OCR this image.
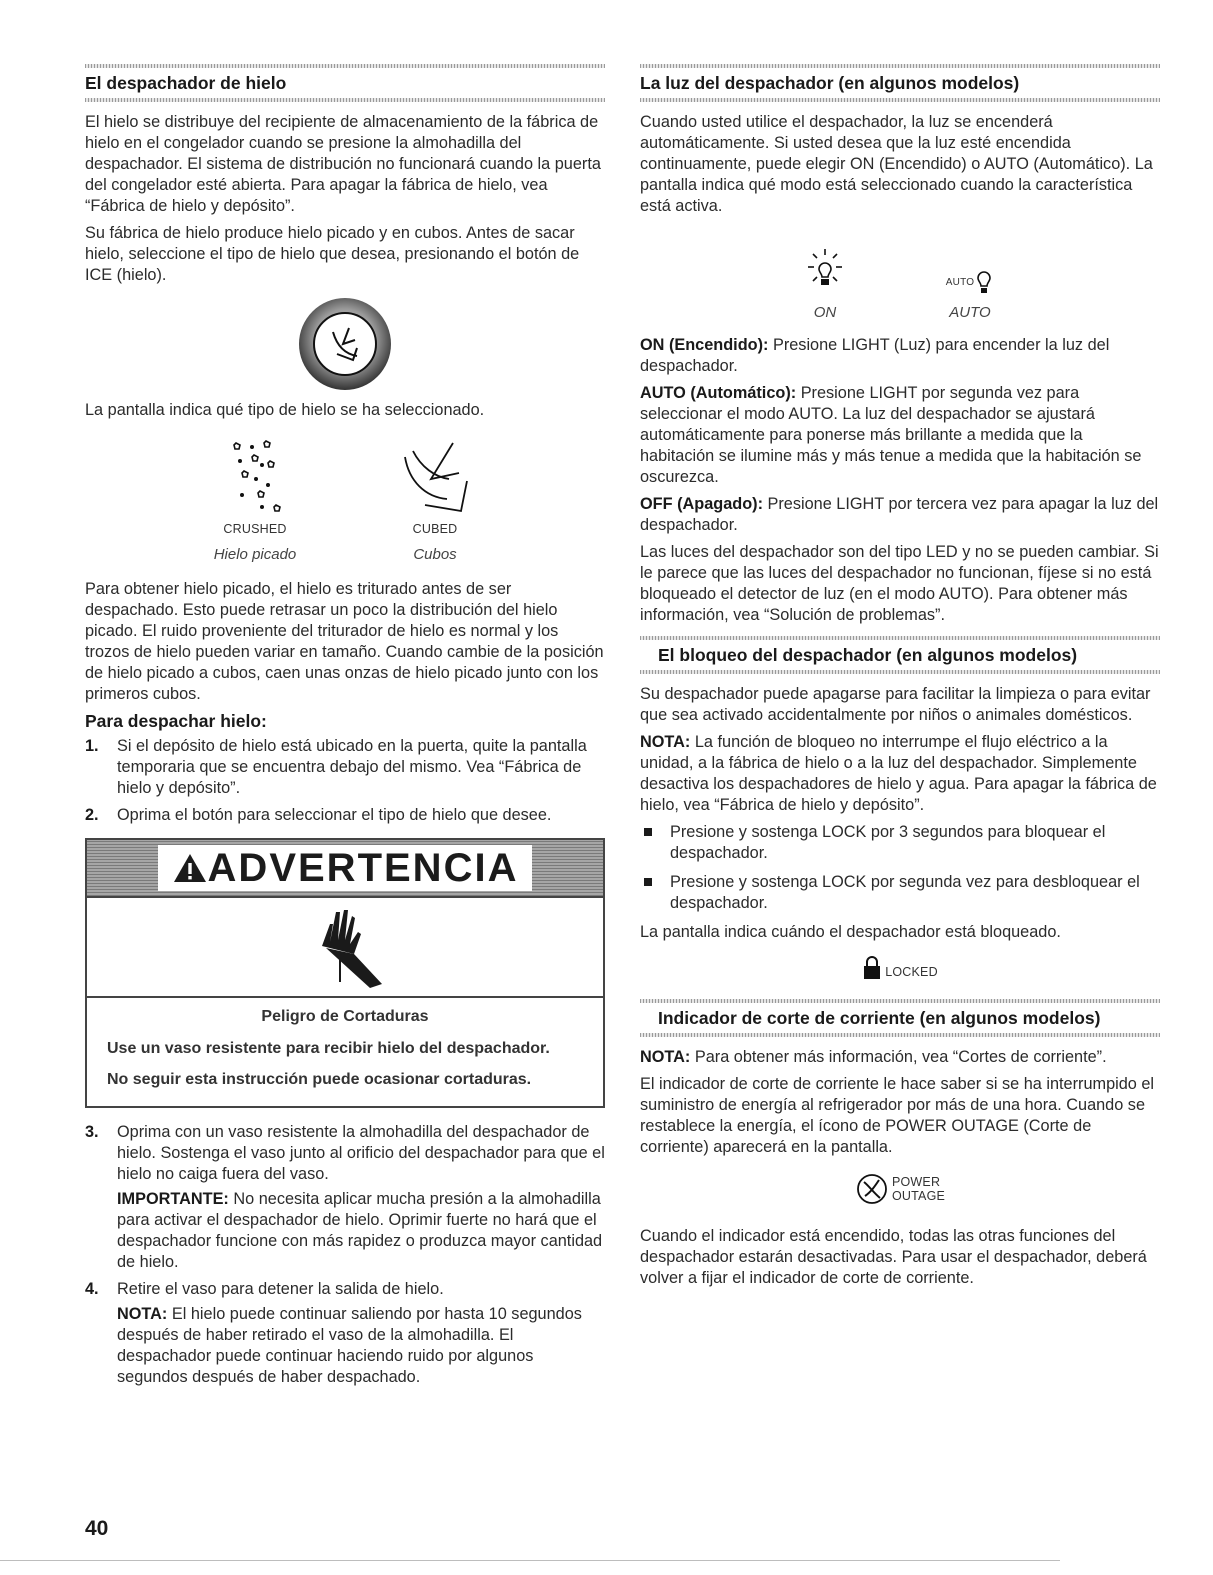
El despachador de hielo

El hielo se distribuye del recipiente de almacenamiento de la fábrica de hielo en el congelador cuando se presione la almohadilla del despachador. El sistema de distribución no funcionará cuando la puerta del congelador esté abierta. Para apagar la fábrica de hielo, vea “Fábrica de hielo y depósito”.

Su fábrica de hielo produce hielo picado y en cubos. Antes de sacar hielo, seleccione el tipo de hielo que desea, presionando el botón de ICE (hielo).

La pantalla indica qué tipo de hielo se ha seleccionado.

CRUSHED	CUBED
Hielo picado	Cubos

Para obtener hielo picado, el hielo es triturado antes de ser despachado. Esto puede retrasar un poco la distribución del hielo picado. El ruido proveniente del triturador de hielo es normal y los trozos de hielo pueden variar en tamaño. Cuando cambie de la posición de hielo picado a cubos, caen unas onzas de hielo picado junto con los primeros cubos.

Para despachar hielo:
1. Si el depósito de hielo está ubicado en la puerta, quite la pantalla temporaria que se encuentra debajo del mismo. Vea “Fábrica de hielo y depósito”.
2. Oprima el botón para seleccionar el tipo de hielo que desee.
ADVERTENCIA
Peligro de Cortaduras
Use un vaso resistente para recibir hielo del despachador.
No seguir esta instrucción puede ocasionar cortaduras.
3. Oprima con un vaso resistente la almohadilla del despachador de hielo. Sostenga el vaso junto al orificio del despachador para que el hielo no caiga fuera del vaso.

IMPORTANTE: No necesita aplicar mucha presión a la almohadilla para activar el despachador de hielo. Oprimir fuerte no hará que el despachador funcione con más rapidez o produzca mayor cantidad de hielo.

4. Retire el vaso para detener la salida de hielo.

NOTA: El hielo puede continuar saliendo por hasta 10 segundos después de haber retirado el vaso de la almohadilla. El despachador puede continuar haciendo ruido por algunos segundos después de haber despachado.

La luz del despachador (en algunos modelos)

Cuando usted utilice el despachador, la luz se encenderá automáticamente. Si usted desea que la luz esté encendida continuamente, puede elegir ON (Encendido) o AUTO (Automático). La pantalla indica qué modo está seleccionado cuando la característica está activa.

AUTO
ON	AUTO

ON (Encendido): Presione LIGHT (Luz) para encender la luz del despachador.

AUTO (Automático): Presione LIGHT por segunda vez para seleccionar el modo AUTO. La luz del despachador se ajustará automáticamente para ponerse más brillante a medida que la habitación se ilumine más y más tenue a medida que la habitación se oscurezca.

OFF (Apagado): Presione LIGHT por tercera vez para apagar la luz del despachador.

Las luces del despachador son del tipo LED y no se pueden cambiar. Si le parece que las luces del despachador no funcionan, fíjese si no está bloqueado el detector de luz (en el modo AUTO). Para obtener más información, vea “Solución de problemas”.

El bloqueo del despachador (en algunos modelos)

Su despachador puede apagarse para facilitar la limpieza o para evitar que sea activado accidentalmente por niños o animales domésticos.

NOTA: La función de bloqueo no interrumpe el flujo eléctrico a la unidad, a la fábrica de hielo o a la luz del despachador. Simplemente desactiva los despachadores de hielo y agua. Para apagar la fábrica de hielo, vea “Fábrica de hielo y depósito”.

Presione y sostenga LOCK por 3 segundos para bloquear el despachador.
Presione y sostenga LOCK por segunda vez para desbloquear el despachador.

La pantalla indica cuándo el despachador está bloqueado.

LOCKED
Indicador de corte de corriente (en algunos modelos)

NOTA: Para obtener más información, vea “Cortes de corriente”.

El indicador de corte de corriente le hace saber si se ha interrumpido el suministro de energía al refrigerador por más de una hora. Cuando se restablece la energía, el ícono de POWER OUTAGE (Corte de corriente) aparecerá en la pantalla.

POWER
OUTAGE

Cuando el indicador está encendido, todas las otras funciones del despachador estarán desactivadas. Para usar el despachador, deberá volver a fijar el indicador de corte de corriente.

40
